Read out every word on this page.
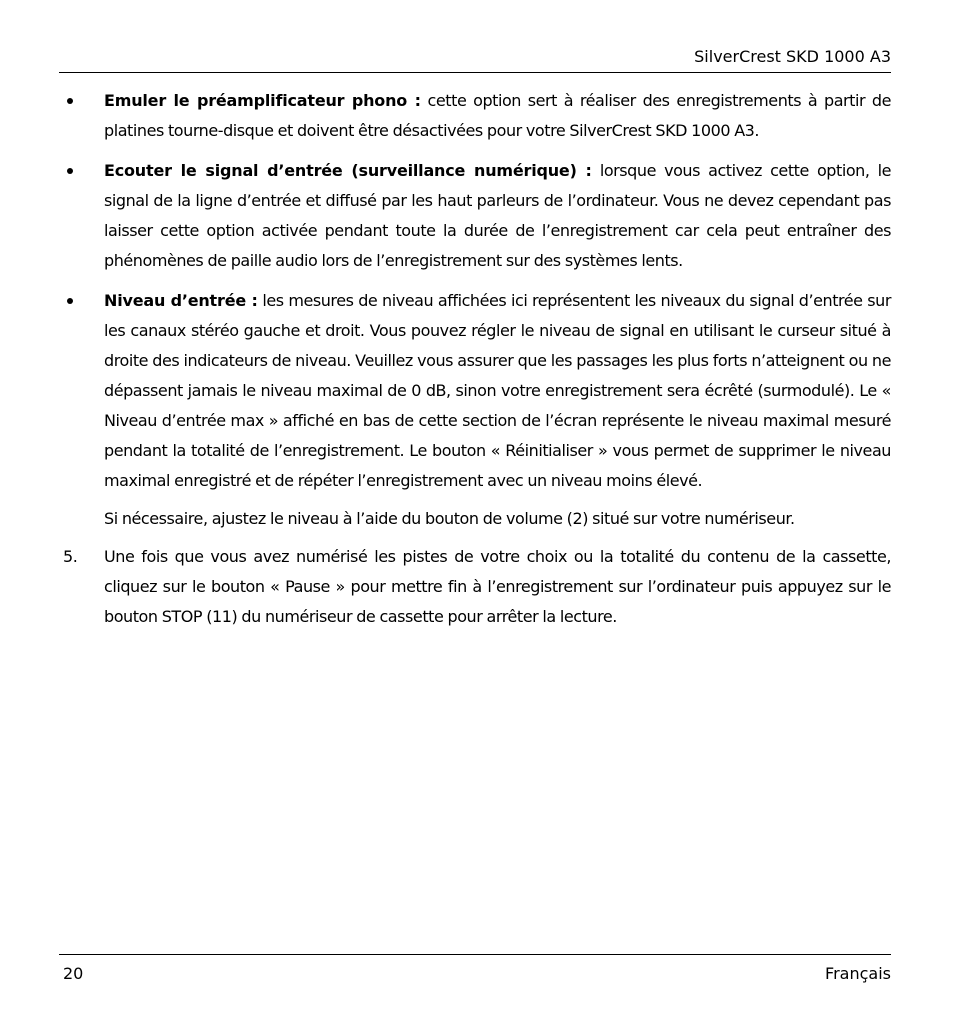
SilverCrest SKD 1000 A3
Emuler le préamplificateur phono : cette option sert à réaliser des enregistrements à partir de platines tourne-disque et doivent être désactivées pour votre SilverCrest SKD 1000 A3.
Ecouter le signal d’entrée (surveillance numérique) : lorsque vous activez cette option, le signal de la ligne d’entrée et diffusé par les haut parleurs de l’ordinateur. Vous ne devez cependant pas laisser cette option activée pendant toute la durée de l’enregistrement car cela peut entraîner des phénomènes de paille audio lors de l’enregistrement sur des systèmes lents.
Niveau d’entrée : les mesures de niveau affichées ici représentent les niveaux du signal d’entrée sur les canaux stéréo gauche et droit. Vous pouvez régler le niveau de signal en utilisant le curseur situé à droite des indicateurs de niveau. Veuillez vous assurer que les passages les plus forts n’atteignent ou ne dépassent jamais le niveau maximal de 0 dB, sinon votre enregistrement sera écrêté (surmodulé). Le « Niveau d’entrée max » affiché en bas de cette section de l’écran représente le niveau maximal mesuré pendant la totalité de l’enregistrement. Le bouton « Réinitialiser » vous permet de supprimer le niveau maximal enregistré et de répéter l’enregistrement avec un niveau moins élevé.
Si nécessaire, ajustez le niveau à l’aide du bouton de volume (2) situé sur votre numériseur.
5. Une fois que vous avez numérisé les pistes de votre choix ou la totalité du contenu de la cassette, cliquez sur le bouton « Pause » pour mettre fin à l’enregistrement sur l’ordinateur puis appuyez sur le bouton STOP (11) du numériseur de cassette pour arrêter la lecture.
20	Français
